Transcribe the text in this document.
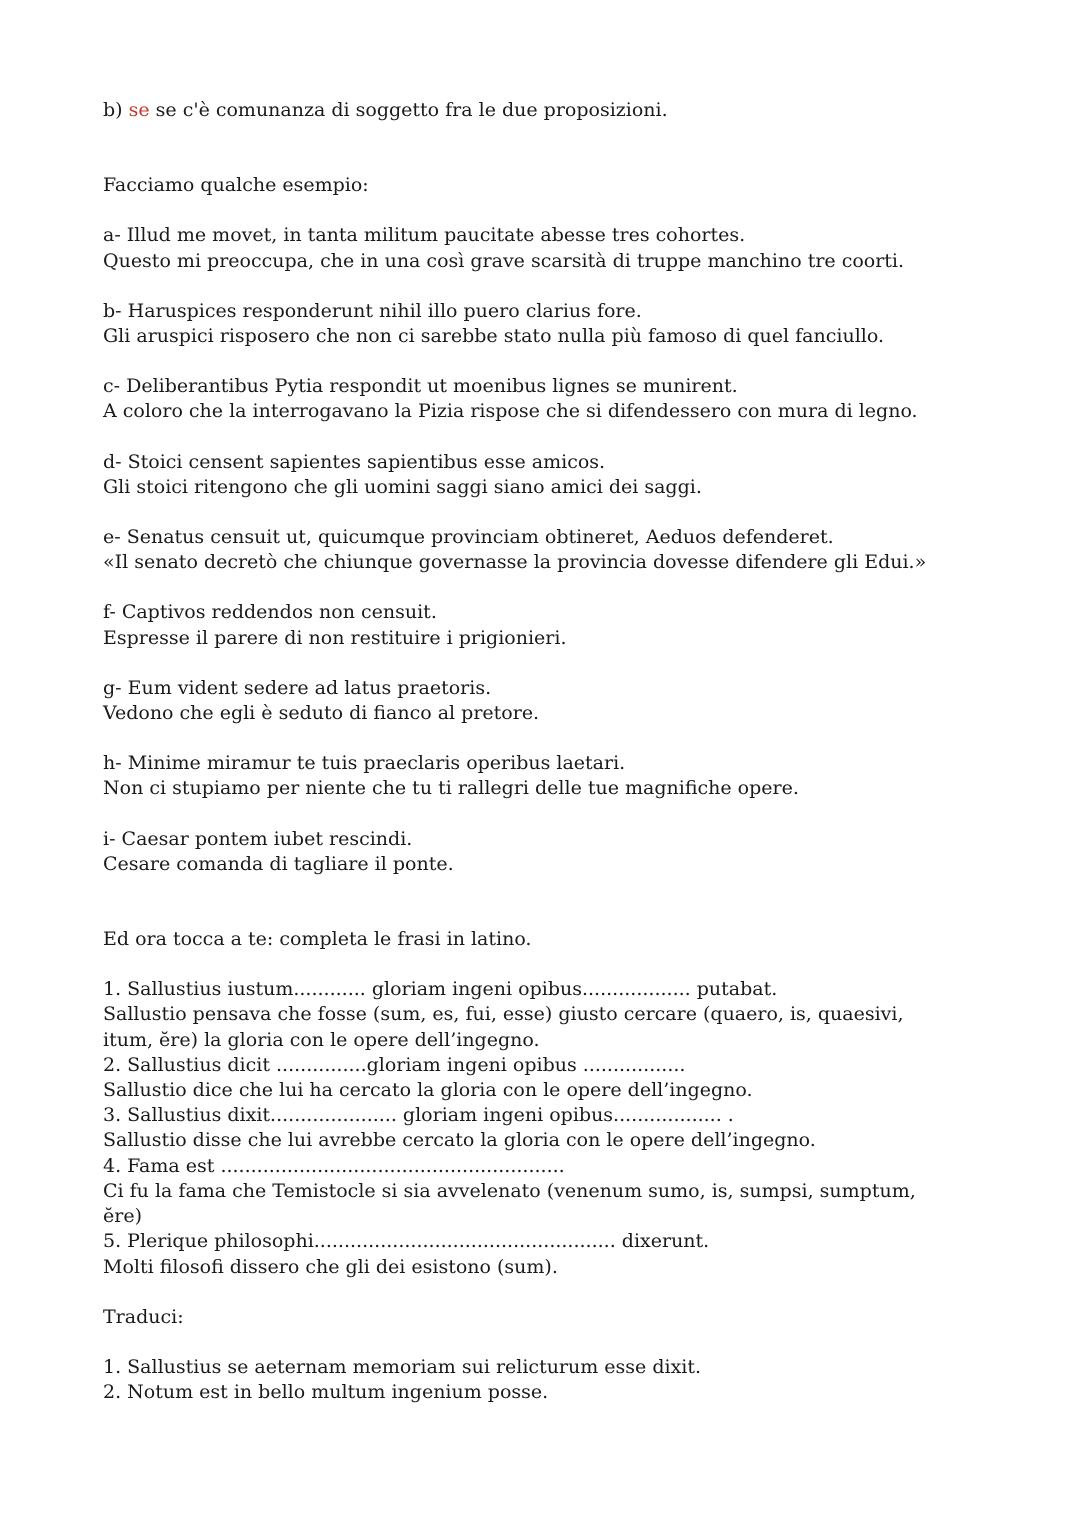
b) se se c'è comunanza di soggetto fra le due proposizioni.

Facciamo qualche esempio:

a- Illud me movet, in tanta militum paucitate abesse tres cohortes.
Questo mi preoccupa, che in una così grave scarsità di truppe manchino tre coorti.
b- Haruspices responderunt nihil illo puero clarius fore.
Gli aruspici risposero che non ci sarebbe stato nulla più famoso di quel fanciullo.
c- Deliberantibus Pytia respondit ut moenibus lignes se munirent.
A coloro che la interrogavano la Pizia rispose che si difendessero con mura di legno.
d- Stoici censent sapientes sapientibus esse amicos.
Gli stoici ritengono che gli uomini saggi siano amici dei saggi.
e- Senatus censuit ut, quicumque provinciam obtineret, Aeduos defenderet.
«Il senato decretò che chiunque governasse la provincia dovesse difendere gli Edui.»
f- Captivos reddendos non censuit.
Espresse il parere di non restituire i prigionieri.
g- Eum vident sedere ad latus praetoris.
Vedono che egli è seduto di fianco al pretore.
h- Minime miramur te tuis praeclaris operibus laetari.
Non ci stupiamo per niente che tu ti rallegri delle tue magnifiche opere.
i- Caesar pontem iubet rescindi.
Cesare comanda di tagliare il ponte.

Ed ora tocca a te: completa le frasi in latino.

1. Sallustius iustum............ gloriam ingeni opibus.................. putabat.
Sallustio pensava che fosse (sum, es, fui, esse) giusto cercare (quaero, is, quaesivi,
itum, ĕre) la gloria con le opere dell’ingegno.
2. Sallustius dicit ...............gloriam ingeni opibus .................
Sallustio dice che lui ha cercato la gloria con le opere dell’ingegno.
3. Sallustius dixit..................... gloriam ingeni opibus.................. .
Sallustio disse che lui avrebbe cercato la gloria con le opere dell’ingegno.
4. Fama est .........................................................
Ci fu la fama che Temistocle si sia avvelenato (venenum sumo, is, sumpsi, sumptum,
ĕre)
5. Plerique philosophi.................................................. dixerunt.
Molti filosofi dissero che gli dei esistono (sum).

Traduci:

1. Sallustius se aeternam memoriam sui relicturum esse dixit.
2. Notum est in bello multum ingenium posse.
